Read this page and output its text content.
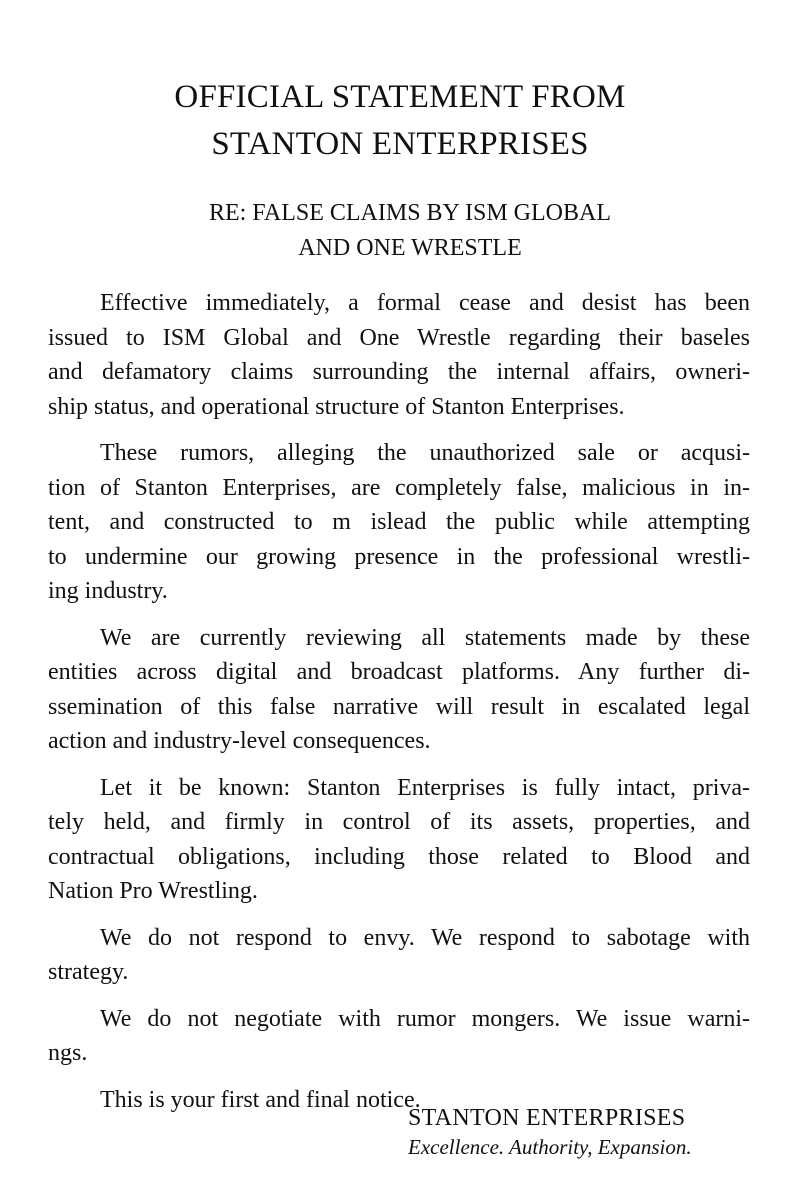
OFFICIAL STATEMENT FROM
STANTON ENTERPRISES
RE: FALSE CLAIMS BY ISM GLOBAL
AND ONE WRESTLE

Effective immediately, a formal cease and desist has been
issued to ISM Global and One Wrestle regarding their baseles
and defamatory claims surrounding the internal affairs, owneri-
ship status, and operational structure of Stanton Enterprises.

These rumors, alleging the unauthorized sale or acqusi-
tion of Stanton Enterprises, are completely false, malicious in in-
tent, and constructed to m islead the public while attempting
to undermine our growing presence in the professional wrestli-
ing industry.

We are currently reviewing all statements made by these
entities across digital and broadcast platforms. Any further di-
ssemination of this false narrative will result in escalated legal
action and industry-level consequences.

Let it be known: Stanton Enterprises is fully intact, priva-
tely held, and firmly in control of its assets, properties, and
contractual obligations, including those related to Blood and
Nation Pro Wrestling.

We do not respond to envy. We respond to sabotage with
strategy.

We do not negotiate with rumor mongers. We issue warni-
ngs.

This is your first and final notice.

STANTON ENTERPRISES
Excellence. Authority, Expansion.
